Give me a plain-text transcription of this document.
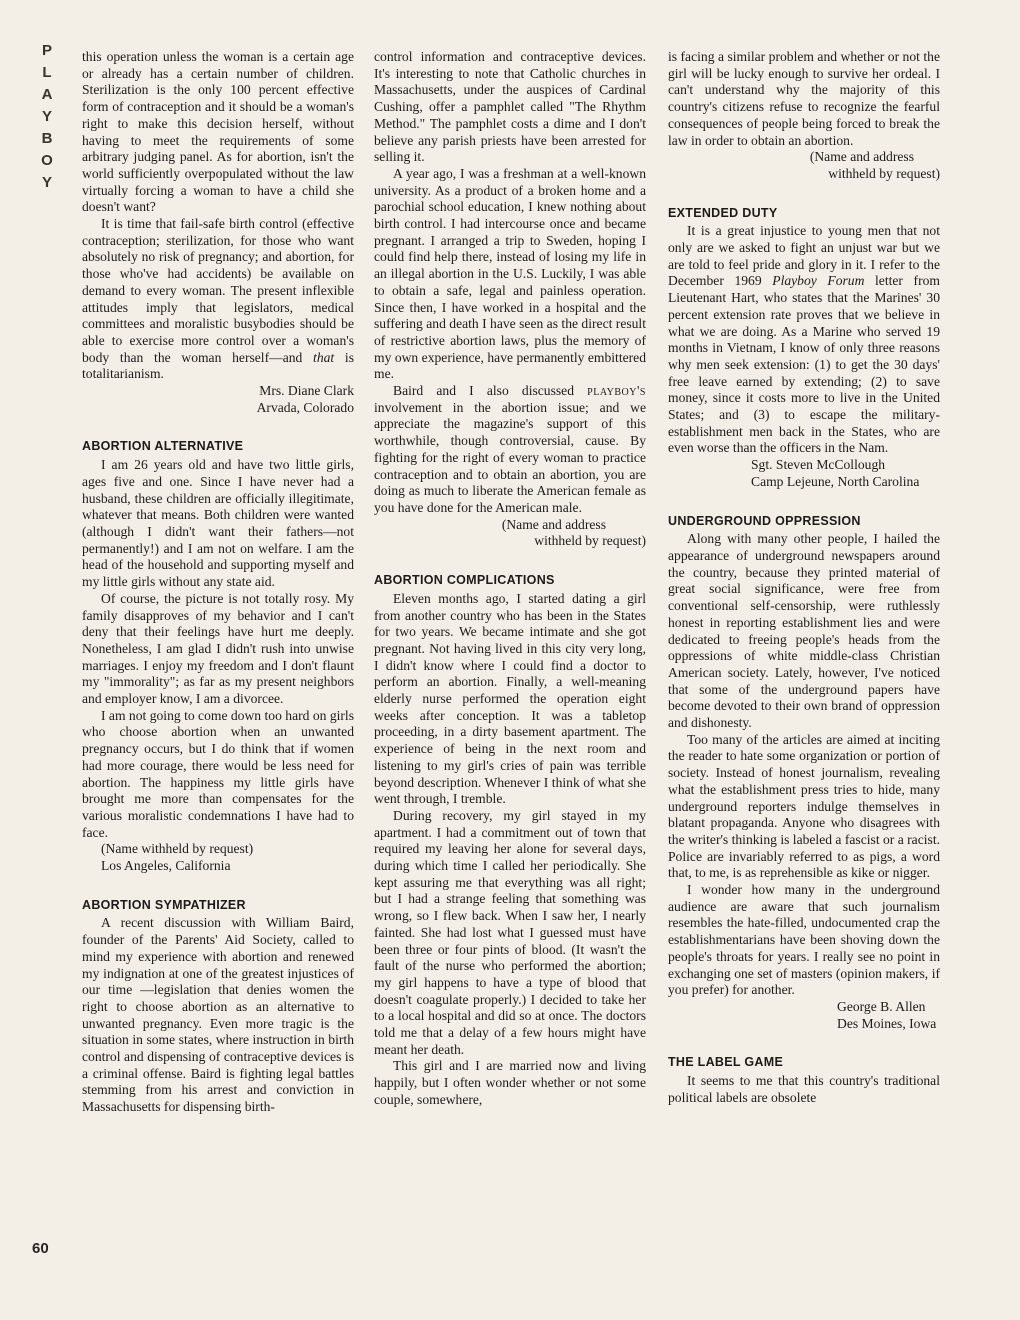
P
L
A
Y
B
O
Y
60

this operation unless the woman is a certain age or already has a certain number of children. Sterilization is the only 100 percent effective form of contraception and it should be a woman's right to make this decision herself, without having to meet the requirements of some arbitrary judging panel. As for abortion, isn't the world sufficiently overpopulated without the law virtually forcing a woman to have a child she doesn't want?

It is time that fail-safe birth control (effective contraception; sterilization, for those who want absolutely no risk of pregnancy; and abortion, for those who've had accidents) be available on demand to every woman. The present inflexible attitudes imply that legislators, medical committees and moralistic busybodies should be able to exercise more control over a woman's body than the woman herself—and that is totalitarianism.

Mrs. Diane Clark

Arvada, Colorado

ABORTION ALTERNATIVE

I am 26 years old and have two little girls, ages five and one. Since I have never had a husband, these children are officially illegitimate, whatever that means. Both children were wanted (although I didn't want their fathers—not permanently!) and I am not on welfare. I am the head of the household and supporting myself and my little girls without any state aid.

Of course, the picture is not totally rosy. My family disapproves of my behavior and I can't deny that their feelings have hurt me deeply. Nonetheless, I am glad I didn't rush into unwise marriages. I enjoy my freedom and I don't flaunt my "immorality"; as far as my present neighbors and employer know, I am a divorcee.

I am not going to come down too hard on girls who choose abortion when an unwanted pregnancy occurs, but I do think that if women had more courage, there would be less need for abortion. The happiness my little girls have brought me more than compensates for the various moralistic condemnations I have had to face.

(Name withheld by request)

Los Angeles, California

ABORTION SYMPATHIZER

A recent discussion with William Baird, founder of the Parents' Aid Society, called to mind my experience with abortion and renewed my indignation at one of the greatest injustices of our time —legislation that denies women the right to choose abortion as an alternative to unwanted pregnancy. Even more tragic is the situation in some states, where instruction in birth control and dispensing of contraceptive devices is a criminal offense. Baird is fighting legal battles stemming from his arrest and conviction in Massachusetts for dispensing birth-

control information and contraceptive devices. It's interesting to note that Catholic churches in Massachusetts, under the auspices of Cardinal Cushing, offer a pamphlet called "The Rhythm Method." The pamphlet costs a dime and I don't believe any parish priests have been arrested for selling it.

A year ago, I was a freshman at a well-known university. As a product of a broken home and a parochial school education, I knew nothing about birth control. I had intercourse once and became pregnant. I arranged a trip to Sweden, hoping I could find help there, instead of losing my life in an illegal abortion in the U.S. Luckily, I was able to obtain a safe, legal and painless operation. Since then, I have worked in a hospital and the suffering and death I have seen as the direct result of restrictive abortion laws, plus the memory of my own experience, have permanently embittered me.

Baird and I also discussed playboy's involvement in the abortion issue; and we appreciate the magazine's support of this worthwhile, though controversial, cause. By fighting for the right of every woman to practice contraception and to obtain an abortion, you are doing as much to liberate the American female as you have done for the American male.

(Name and address

withheld by request)

ABORTION COMPLICATIONS

Eleven months ago, I started dating a girl from another country who has been in the States for two years. We became intimate and she got pregnant. Not having lived in this city very long, I didn't know where I could find a doctor to perform an abortion. Finally, a well-meaning elderly nurse performed the operation eight weeks after conception. It was a tabletop proceeding, in a dirty basement apartment. The experience of being in the next room and listening to my girl's cries of pain was terrible beyond description. Whenever I think of what she went through, I tremble.

During recovery, my girl stayed in my apartment. I had a commitment out of town that required my leaving her alone for several days, during which time I called her periodically. She kept assuring me that everything was all right; but I had a strange feeling that something was wrong, so I flew back. When I saw her, I nearly fainted. She had lost what I guessed must have been three or four pints of blood. (It wasn't the fault of the nurse who performed the abortion; my girl happens to have a type of blood that doesn't coagulate properly.) I decided to take her to a local hospital and did so at once. The doctors told me that a delay of a few hours might have meant her death.

This girl and I are married now and living happily, but I often wonder whether or not some couple, somewhere,

is facing a similar problem and whether or not the girl will be lucky enough to survive her ordeal. I can't understand why the majority of this country's citizens refuse to recognize the fearful consequences of people being forced to break the law in order to obtain an abortion.

(Name and address

withheld by request)

EXTENDED DUTY

It is a great injustice to young men that not only are we asked to fight an unjust war but we are told to feel pride and glory in it. I refer to the December 1969 Playboy Forum letter from Lieutenant Hart, who states that the Marines' 30 percent extension rate proves that we believe in what we are doing. As a Marine who served 19 months in Vietnam, I know of only three reasons why men seek extension: (1) to get the 30 days' free leave earned by extending; (2) to save money, since it costs more to live in the United States; and (3) to escape the military-establishment men back in the States, who are even worse than the officers in the Nam.

Sgt. Steven McCollough

Camp Lejeune, North Carolina

UNDERGROUND OPPRESSION

Along with many other people, I hailed the appearance of underground newspapers around the country, because they printed material of great social significance, were free from conventional self-censorship, were ruthlessly honest in reporting establishment lies and were dedicated to freeing people's heads from the oppressions of white middle-class Christian American society. Lately, however, I've noticed that some of the underground papers have become devoted to their own brand of oppression and dishonesty.

Too many of the articles are aimed at inciting the reader to hate some organization or portion of society. Instead of honest journalism, revealing what the establishment press tries to hide, many underground reporters indulge themselves in blatant propaganda. Anyone who disagrees with the writer's thinking is labeled a fascist or a racist. Police are invariably referred to as pigs, a word that, to me, is as reprehensible as kike or nigger.

I wonder how many in the underground audience are aware that such journalism resembles the hate-filled, undocumented crap the establishmentarians have been shoving down the people's throats for years. I really see no point in exchanging one set of masters (opinion makers, if you prefer) for another.

George B. Allen

Des Moines, Iowa

THE LABEL GAME

It seems to me that this country's traditional political labels are obsolete
